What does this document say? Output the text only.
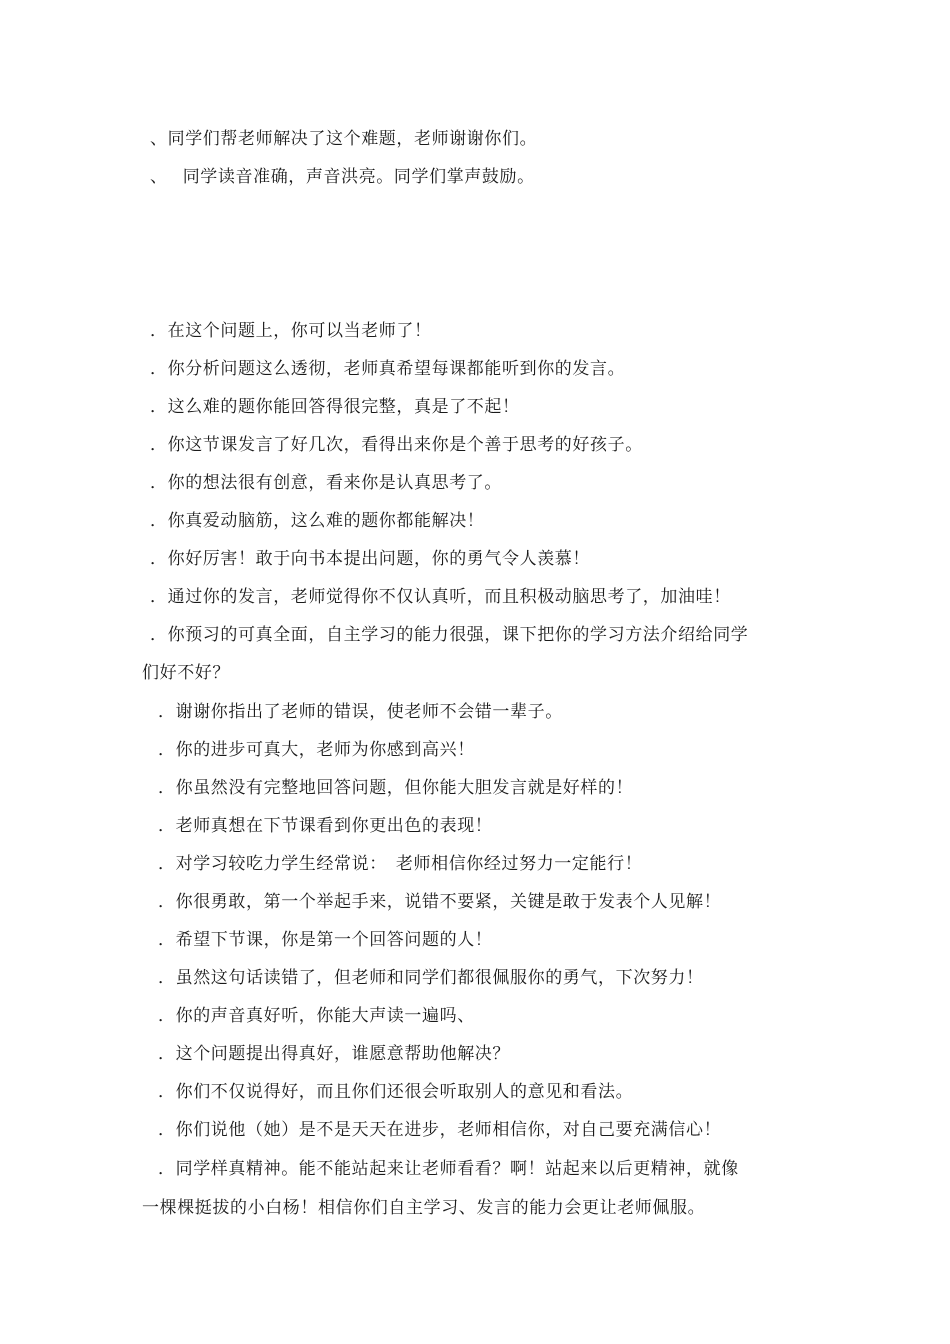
、同学们帮老师解决了这个难题，老师谢谢你们。
、　 同学读音准确，声音洪亮。同学们掌声鼓励。
．在这个问题上，你可以当老师了！
．你分析问题这么透彻，老师真希望每课都能听到你的发言。
．这么难的题你能回答得很完整，真是了不起！
．你这节课发言了好几次，看得出来你是个善于思考的好孩子。
．你的想法很有创意，看来你是认真思考了。
．你真爱动脑筋，这么难的题你都能解决！
．你好厉害！敢于向书本提出问题，你的勇气令人羡慕！
．通过你的发言，老师觉得你不仅认真听，而且积极动脑思考了，加油哇！
．你预习的可真全面，自主学习的能力很强，课下把你的学习方法介绍给同学
们好不好？
．谢谢你指出了老师的错误，使老师不会错一辈子。
．你的进步可真大，老师为你感到高兴！
．你虽然没有完整地回答问题，但你能大胆发言就是好样的！
．老师真想在下节课看到你更出色的表现！
．对学习较吃力学生经常说：　老师相信你经过努力一定能行！
．你很勇敢，第一个举起手来，说错不要紧，关键是敢于发表个人见解！
．希望下节课，你是第一个回答问题的人！
．虽然这句话读错了，但老师和同学们都很佩服你的勇气，下次努力！
．你的声音真好听，你能大声读一遍吗、
．这个问题提出得真好，谁愿意帮助他解决？
．你们不仅说得好，而且你们还很会听取别人的意见和看法。
．你们说他（她）是不是天天在进步，老师相信你，对自己要充满信心！
．同学样真精神。能不能站起来让老师看看？啊！站起来以后更精神，就像
一棵棵挺拔的小白杨！相信你们自主学习、发言的能力会更让老师佩服。
